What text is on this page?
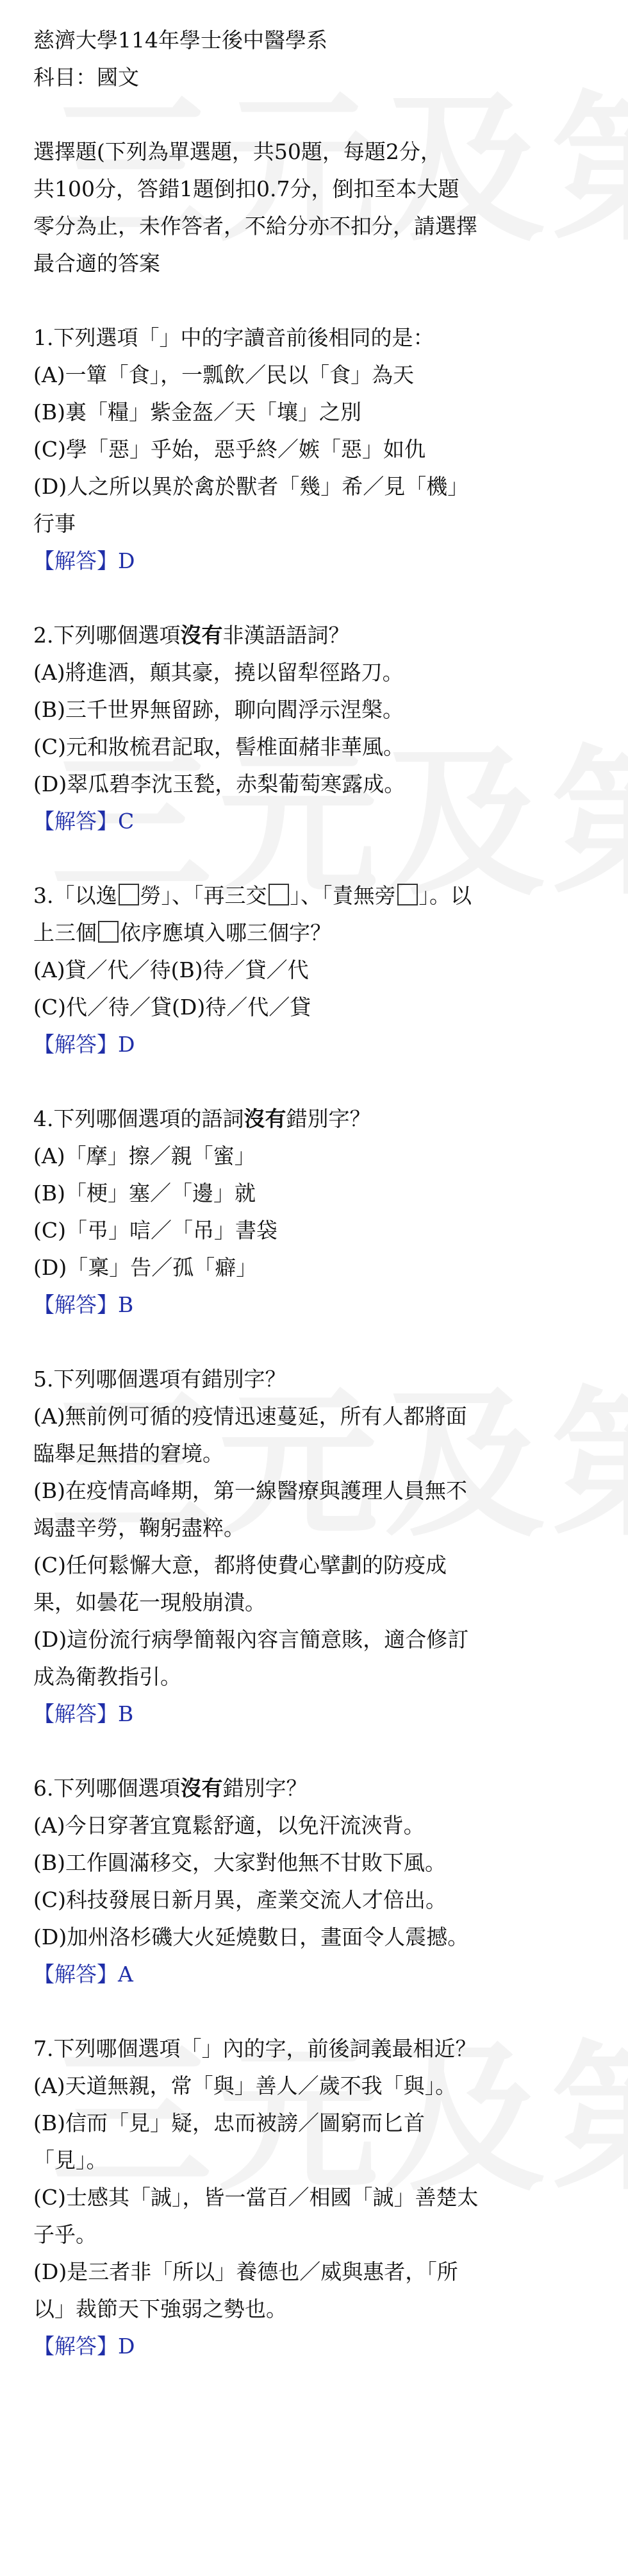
慈濟大學114年學士後中醫學系
科目：國文
選擇題(下列為單選題，共50題，每題2分，
共100分，答錯1題倒扣0.7分，倒扣至本大題
零分為止，未作答者，不給分亦不扣分，請選擇
最合適的答案
1.下列選項「」中的字讀音前後相同的是：
(A)一簞「食」，一瓢飲／民以「食」為天
(B)裏「糧」紫金盔／天「壤」之別
(C)學「惡」乎始，惡乎終／嫉「惡」如仇
(D)人之所以異於禽於獸者「幾」希／見「機」
行事
【解答】D
2.下列哪個選項沒有非漢語語詞？
(A)將進酒，顛其豪，撓以留犁徑路刀。
(B)三千世界無留跡，聊向閻浮示涅槃。
(C)元和妝梳君記取，髻椎面赭非華風。
(D)翠瓜碧李沈玉甃，赤梨葡萄寒露成。
【解答】C
3.「以逸 勞」、「再三交 」、「責無旁 」。以
上三個 依序應填入哪三個字？
(A)貸／代／待(B)待／貸／代
(C)代／待／貸(D)待／代／貸
【解答】D
4.下列哪個選項的語詞沒有錯別字？
(A)「摩」擦／親「蜜」
(B)「梗」塞／「邊」就
(C)「弔」唁／「吊」書袋
(D)「稟」告／孤「癖」
【解答】B
5.下列哪個選項有錯別字？
(A)無前例可循的疫情迅速蔓延，所有人都將面
臨舉足無措的窘境。
(B)在疫情高峰期，第一線醫療與護理人員無不
竭盡辛勞，鞠躬盡粹。
(C)任何鬆懈大意，都將使費心擘劃的防疫成
果，如曇花一現般崩潰。
(D)這份流行病學簡報內容言簡意賅，適合修訂
成為衛教指引。
【解答】B
6.下列哪個選項沒有錯別字？
(A)今日穿著宜寬鬆舒適，以免汗流浹背。
(B)工作圓滿移交，大家對他無不甘敗下風。
(C)科技發展日新月異，產業交流人才倍出。
(D)加州洛杉磯大火延燒數日，畫面令人震撼。
【解答】A
7.下列哪個選項「」內的字，前後詞義最相近？
(A)天道無親，常「與」善人／歲不我「與」。
(B)信而「見」疑，忠而被謗／圖窮而匕首
「見」。
(C)士感其「誠」，皆一當百／相國「誠」善楚太
子乎。
(D)是三者非「所以」養德也／威與惠者，「所
以」裁節天下強弱之勢也。
【解答】D
